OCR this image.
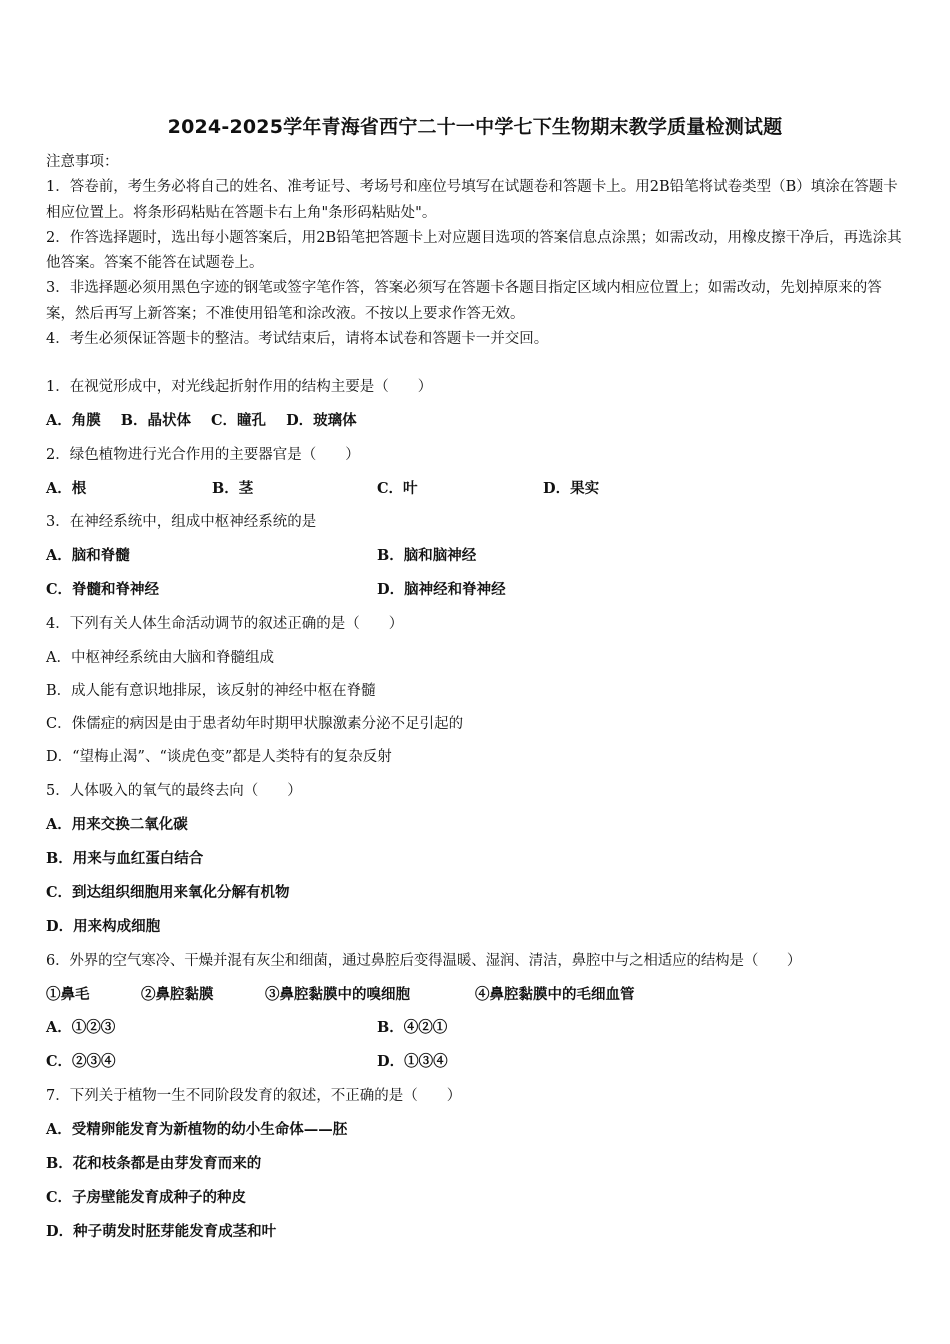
2024-2025学年青海省西宁二十一中学七下生物期末教学质量检测试题

注意事项：

1．答卷前，考生务必将自己的姓名、准考证号、考场号和座位号填写在试题卷和答题卡上。用2B铅笔将试卷类型（B）填涂在答题卡相应位置上。将条形码粘贴在答题卡右上角"条形码粘贴处"。

2．作答选择题时，选出每小题答案后，用2B铅笔把答题卡上对应题目选项的答案信息点涂黑；如需改动，用橡皮擦干净后，再选涂其他答案。答案不能答在试题卷上。

3．非选择题必须用黑色字迹的钢笔或签字笔作答，答案必须写在答题卡各题目指定区域内相应位置上；如需改动，先划掉原来的答案，然后再写上新答案；不准使用铅笔和涂改液。不按以上要求作答无效。

4．考生必须保证答题卡的整洁。考试结束后，请将本试卷和答题卡一并交回。

1．在视觉形成中，对光线起折射作用的结构主要是（　　）
A．角膜 B．晶状体 C．瞳孔 D．玻璃体
2．绿色植物进行光合作用的主要器官是（　　）
A．根	B．茎	C．叶	D．果实
3．在神经系统中，组成中枢神经系统的是
A．脑和脊髓	B．脑和脑神经
C．脊髓和脊神经	D．脑神经和脊神经
4．下列有关人体生命活动调节的叙述正确的是（　　）
A．中枢神经系统由大脑和脊髓组成
B．成人能有意识地排尿，该反射的神经中枢在脊髓
C．侏儒症的病因是由于患者幼年时期甲状腺激素分泌不足引起的
D．“望梅止渴”、“谈虎色变”都是人类特有的复杂反射
5．人体吸入的氧气的最终去向（　　）
A．用来交换二氧化碳
B．用来与血红蛋白结合
C．到达组织细胞用来氧化分解有机物
D．用来构成细胞
6．外界的空气寒冷、干燥并混有灰尘和细菌，通过鼻腔后变得温暖、湿润、清洁，鼻腔中与之相适应的结构是（　　）
①鼻毛	②鼻腔黏膜	③鼻腔黏膜中的嗅细胞	④鼻腔黏膜中的毛细血管
A．①②③	B．④②①
C．②③④	D．①③④
7．下列关于植物一生不同阶段发育的叙述，不正确的是（　　）
A．受精卵能发育为新植物的幼小生命体——胚
B．花和枝条都是由芽发育而来的
C．子房壁能发育成种子的种皮
D．种子萌发时胚芽能发育成茎和叶
